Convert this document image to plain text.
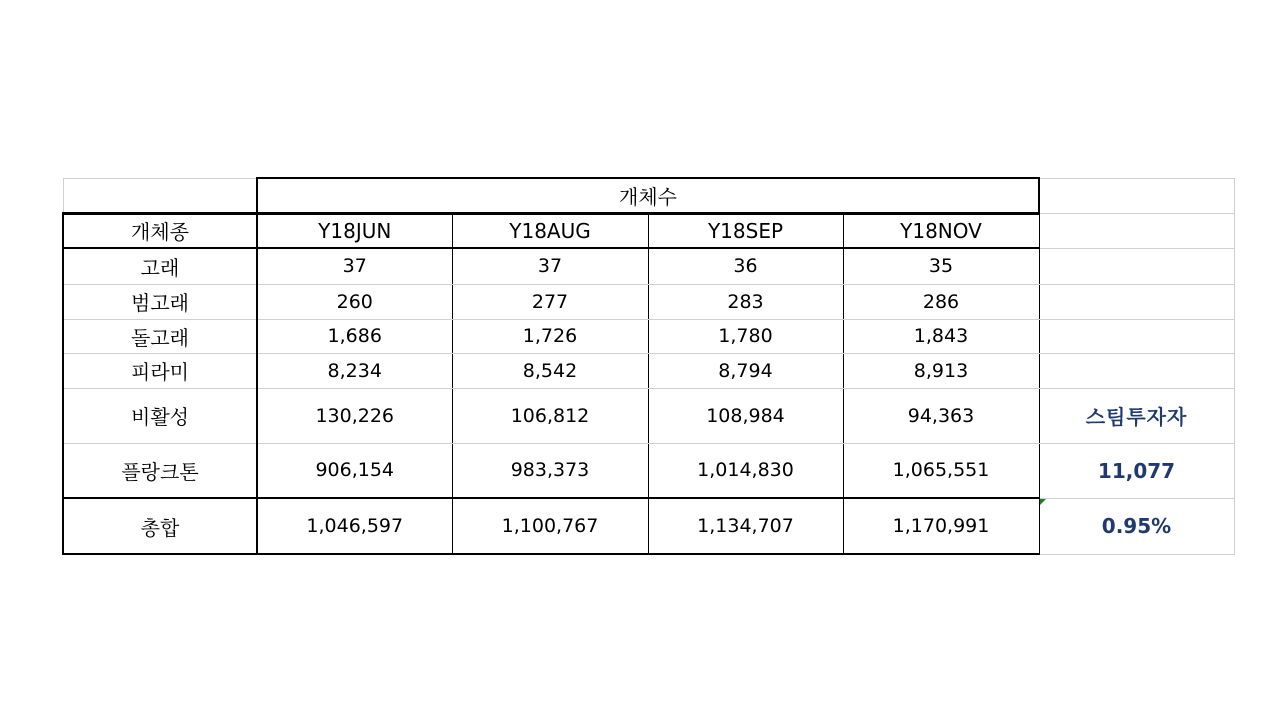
	개체수				
개체종	Y18JUN	Y18AUG	Y18SEP	Y18NOV	
고래	37	37	36	35	
범고래	260	277	283	286	
돌고래	1,686	1,726	1,780	1,843	
피라미	8,234	8,542	8,794	8,913	
비활성	130,226	106,812	108,984	94,363	스팀투자자
플랑크톤	906,154	983,373	1,014,830	1,065,551	11,077
총합	1,046,597	1,100,767	1,134,707	1,170,991	0.95%
